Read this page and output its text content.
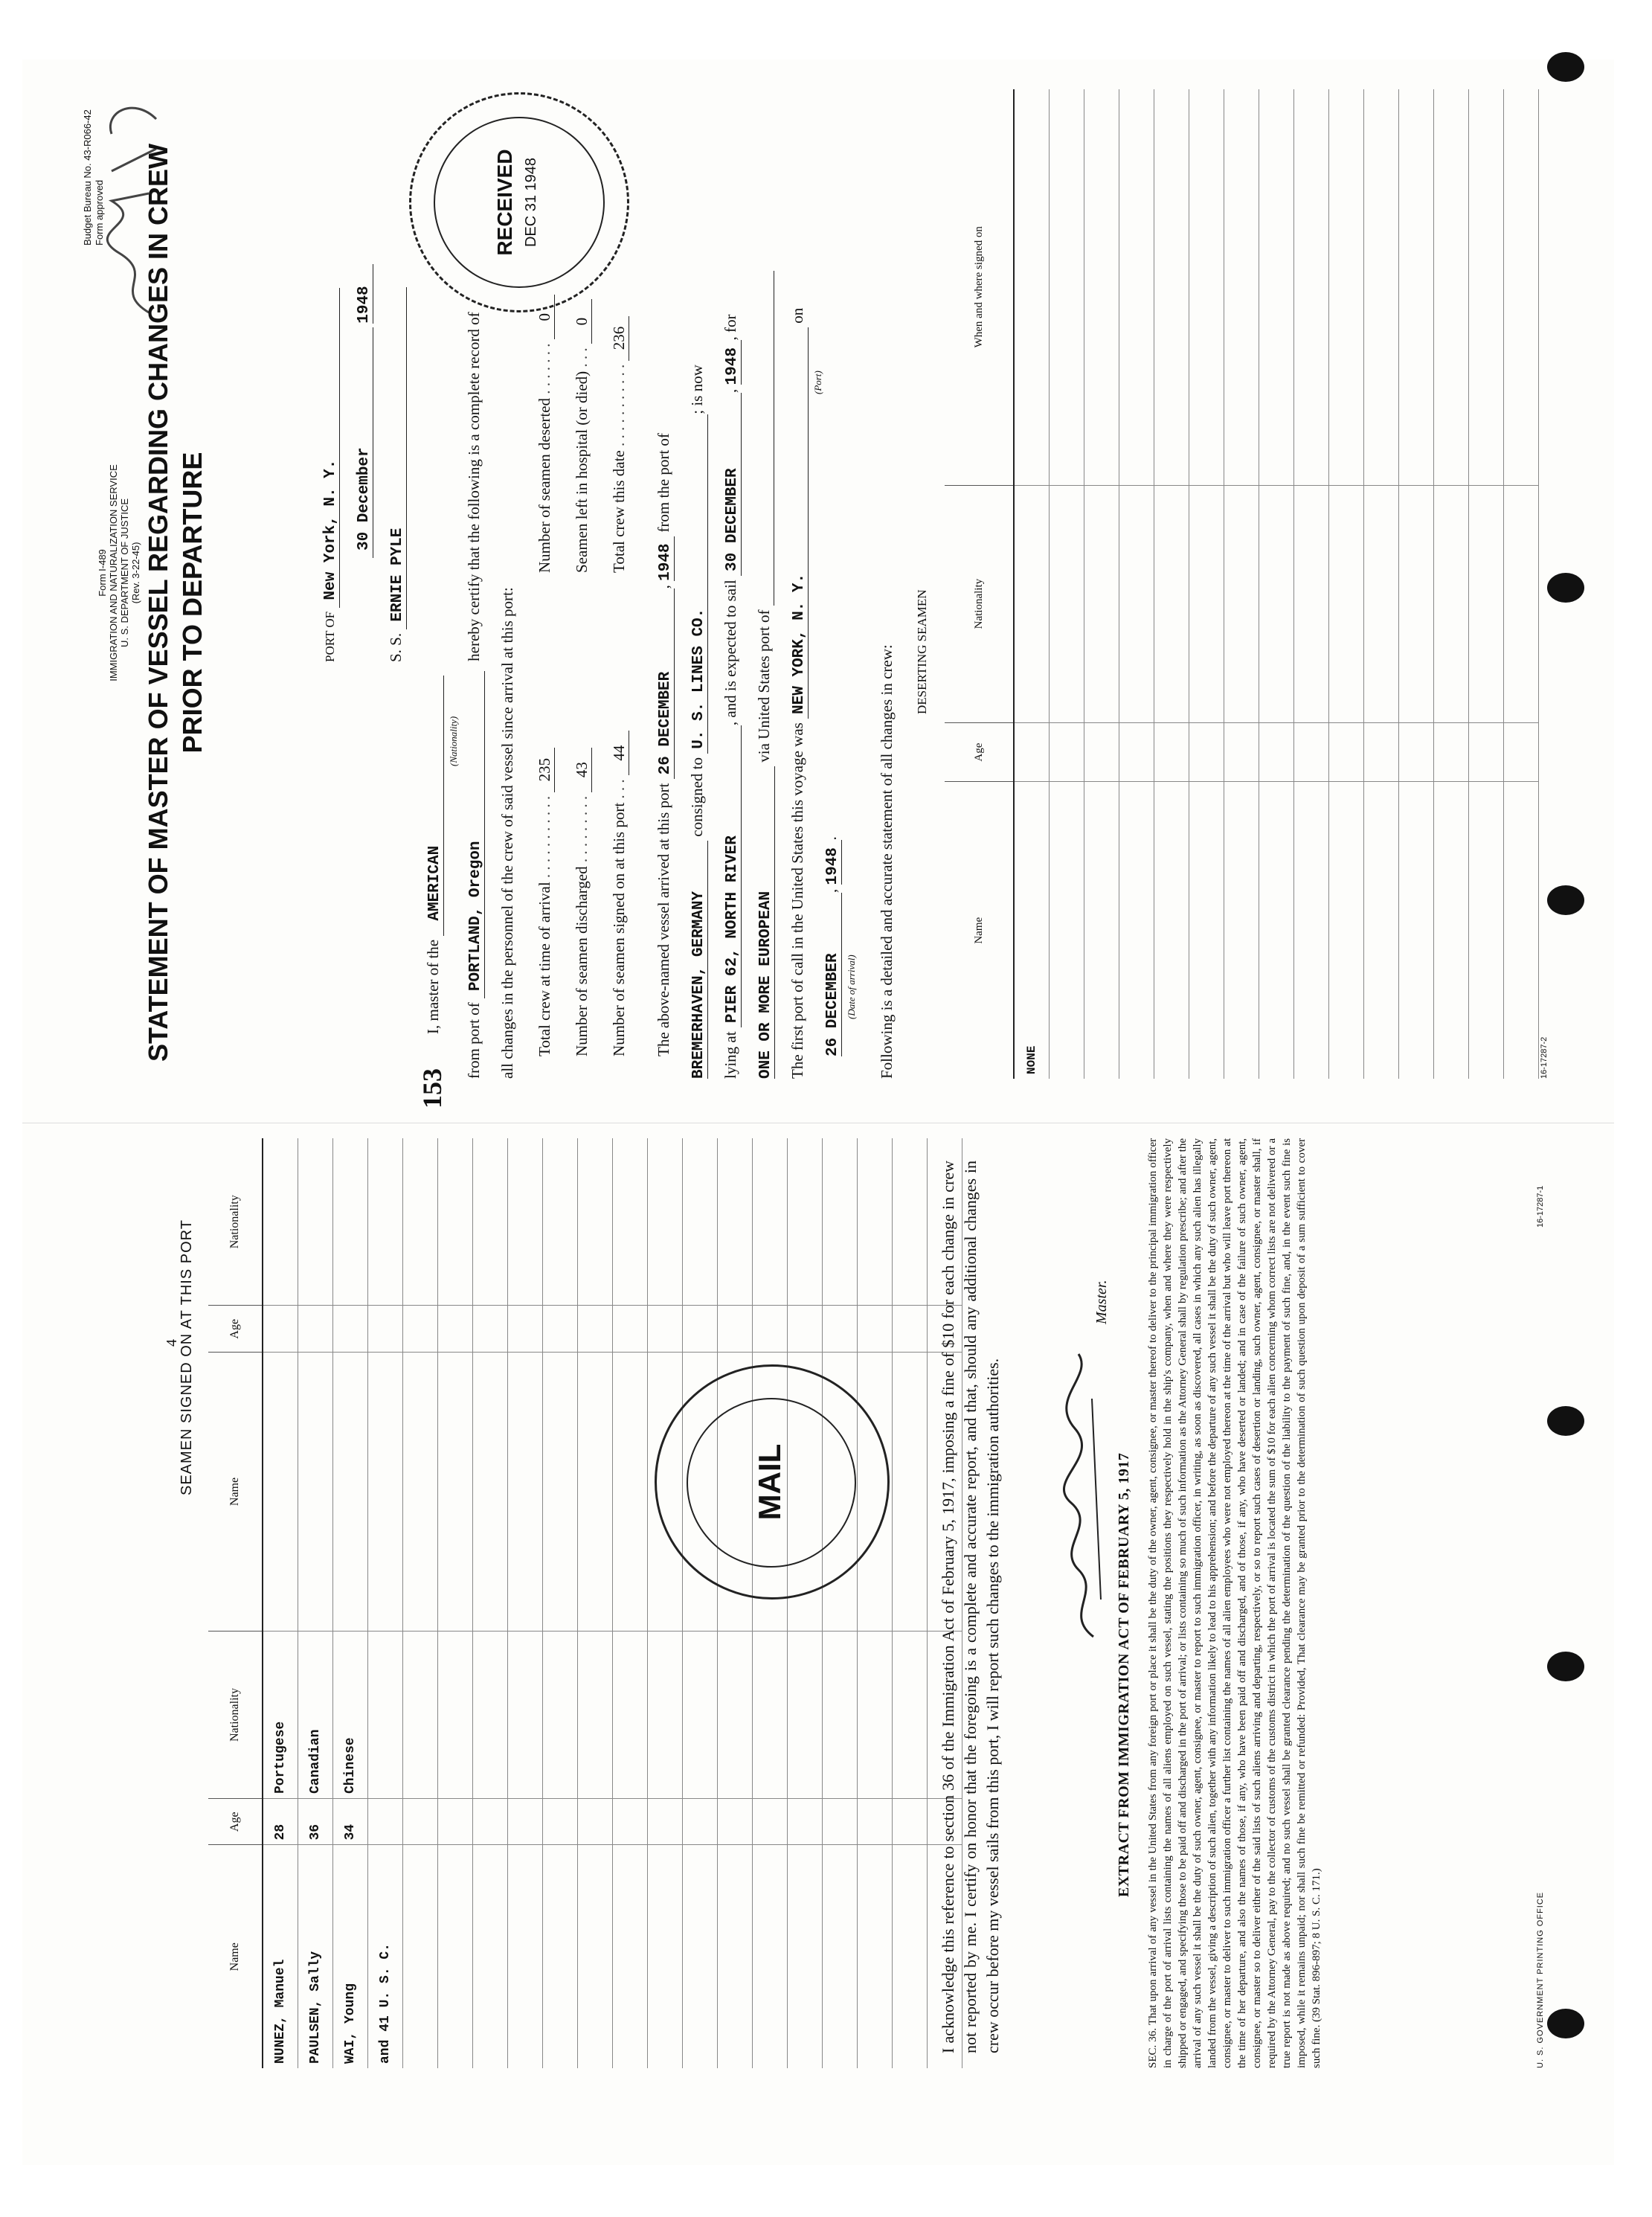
4
SEAMEN SIGNED ON AT THIS PORT
Name	Age	Nationality	Name	Age	Nationality
NUNEZ, Manuel	28	Portugese			
PAULSEN, Sally	36	Canadian			
WAI, Young	34	Chinese			
and 41 U. S. C.					

MAIL	I acknowledge this reference to section 36 of the Immigration Act of February 5, 1917, imposing a fine of $10 for each change in crew not reported by me. I certify on honor that the foregoing is a complete and accurate report, and that, should any additional changes in crew occur before my vessel sails from this port, I will report such changes to the immigration authorities.
Master.
EXTRACT FROM IMMIGRATION ACT OF FEBRUARY 5, 1917 SEC. 36. That upon arrival of any vessel in the United States from any foreign port or place it shall be the duty of the owner, agent, consignee, or master thereof to deliver to the principal immigration officer in charge of the port of arrival lists containing the names of all aliens employed on such vessel, stating the positions they respectively hold in the ship's company, when and where they were respectively shipped or engaged, and specifying those to be paid off and discharged in the port of arrival; or lists containing so much of such information as the Attorney General shall by regulation prescribe; and after the arrival of any such vessel it shall be the duty of such owner, agent, consignee, or master to report to such immigration officer, in writing, as soon as discovered, all cases in which any such alien has illegally landed from the vessel, giving a description of such alien, together with any information likely to lead to his apprehension; and before the departure of any such vessel it shall be the duty of such owner, agent, consignee, or master to deliver to such immigration officer a further list containing the names of all alien employees who were not employed thereon at the time of the arrival but who will leave port thereon at the time of her departure, and also the names of those, if any, who have been paid off and discharged, and of those, if any, who have deserted or landed; and in case of the failure of such owner, agent, consignee, or master so to deliver either of the said lists of such aliens arriving and departing, respectively, or so to report such cases of desertion or landing, such owner, agent, consignee, or master shall, if required by the Attorney General, pay to the collector of customs of the customs district in which the port of arrival is located the sum of $10 for each alien concerning whom correct lists are not delivered or a true report is not made as above required; and no such vessel shall be granted clearance pending the determination of the question of the liability to the payment of such fine, and, in the event such fine is imposed, while it remains unpaid; nor shall such fine be remitted or refunded: Provided, That clearance may be granted prior to the determination of such question upon deposit of a sum sufficient to cover such fine. (39 Stat. 896-897; 8 U. S. C. 171.)	U. S. GOVERNMENT PRINTING OFFICE
16-17287-1
Form I-489 IMMIGRATION AND NATURALIZATION SERVICE U. S. DEPARTMENT OF JUSTICE (Rev. 3-22-45)
Budget Bureau No. 43-R066-42 Form approved STATEMENT OF MASTER OF VESSEL REGARDING CHANGES IN CREW PRIOR TO DEPARTURE	PORT OF New York, N. Y. 30 December 1948
S. S. ERNIE PYLE
153
I, master of the AMERICAN
(Nationality)
from port of PORTLAND, Oregon hereby certify that the following is a complete record of
all changes in the personnel of the crew of said vessel since arrival at this port: Total crew at time of arrival . . . . . . . . . . . 235
Number of seamen discharged . . . . . . . . . 43
Number of seamen signed on at this port . . . 44
Number of seamen deserted . . . . . . . 0
Seamen left in hospital (or died) . . . 0
Total crew this date . . . . . . . . . . . 236
The above-named vessel arrived at this port 26 DECEMBER, 1948 from the port of
BREMERHAVEN, GERMANY consigned to U. S. LINES CO.; is now
lying at PIER 62, NORTH RIVER, and is expected to sail 30 DECEMBER, 1948, for
ONE OR MORE EUROPEAN via United States port of
The first port of call in the United States this voyage was NEW YORK, N. Y. on
(Port)
26 DECEMBER, 1948.
(Date of arrival) Following is a detailed and accurate statement of all changes in crew: DESERTING SEAMEN
Name	Age	Nationality	When and where signed on
NONE			

RECEIVED DEC 31 1948
16-17287-2
